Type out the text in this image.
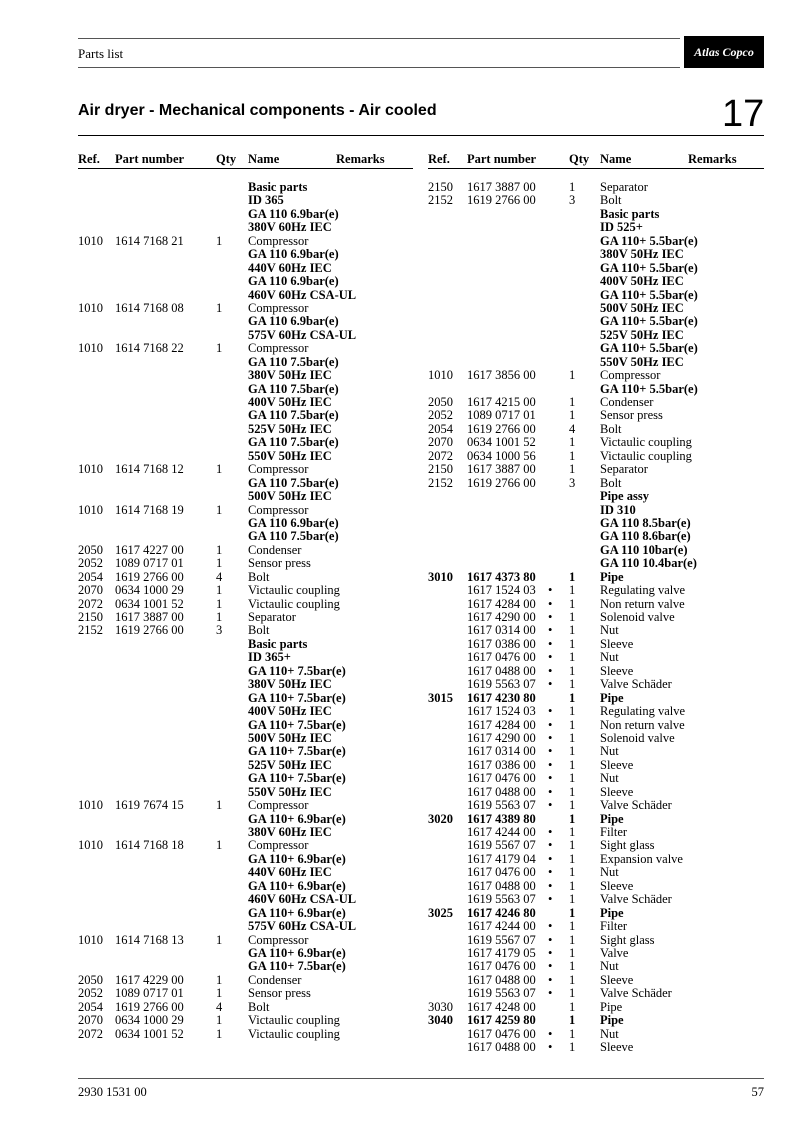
Parts list	Atlas Copco
Air dryer - Mechanical components - Air cooled	17
Ref. Part number	Qty Name	Remarks
Basic parts
ID 365
GA 110 6.9bar(e)
380V 60Hz IEC
1010 1614 7168 21	1 Compressor
GA 110 6.9bar(e)
440V 60Hz IEC
GA 110 6.9bar(e)
460V 60Hz CSA-UL
1010 1614 7168 08	1 Compressor
GA 110 6.9bar(e)
575V 60Hz CSA-UL
1010 1614 7168 22	1 Compressor
GA 110 7.5bar(e)
380V 50Hz IEC
GA 110 7.5bar(e)
400V 50Hz IEC
GA 110 7.5bar(e)
525V 50Hz IEC
GA 110 7.5bar(e)
550V 50Hz IEC
1010 1614 7168 12	1 Compressor
GA 110 7.5bar(e)
500V 50Hz IEC
1010 1614 7168 19	1 Compressor
GA 110 6.9bar(e)
GA 110 7.5bar(e)
2050 1617 4227 00	1 Condenser
2052 1089 0717 01	1 Sensor press
2054 1619 2766 00	4 Bolt
2070 0634 1000 29	1 Victaulic coupling
2072 0634 1001 52	1 Victaulic coupling
2150 1617 3887 00	1 Separator
2152 1619 2766 00	3 Bolt
Basic parts
ID 365+
GA 110+ 7.5bar(e)
380V 50Hz IEC
GA 110+ 7.5bar(e)
400V 50Hz IEC
GA 110+ 7.5bar(e)
500V 50Hz IEC
GA 110+ 7.5bar(e)
525V 50Hz IEC
GA 110+ 7.5bar(e)
550V 50Hz IEC
1010 1619 7674 15	1 Compressor
GA 110+ 6.9bar(e)
380V 60Hz IEC
1010 1614 7168 18	1 Compressor
GA 110+ 6.9bar(e)
440V 60Hz IEC
GA 110+ 6.9bar(e)
460V 60Hz CSA-UL
GA 110+ 6.9bar(e)
575V 60Hz CSA-UL
1010 1614 7168 13	1 Compressor
GA 110+ 6.9bar(e)
GA 110+ 7.5bar(e)
2050 1617 4229 00	1 Condenser
2052 1089 0717 01	1 Sensor press
2054 1619 2766 00	4 Bolt
2070 0634 1000 29	1 Victaulic coupling
2072 0634 1001 52	1 Victaulic coupling
Ref. Part number	Qty Name	Remarks
2150 1617 3887 00	1 Separator
2152 1619 2766 00	3 Bolt
Basic parts
ID 525+
GA 110+ 5.5bar(e)
380V 50Hz IEC
GA 110+ 5.5bar(e)
400V 50Hz IEC
GA 110+ 5.5bar(e)
500V 50Hz IEC
GA 110+ 5.5bar(e)
525V 50Hz IEC
GA 110+ 5.5bar(e)
550V 50Hz IEC
1010 1617 3856 00	1 Compressor
GA 110+ 5.5bar(e)
2050 1617 4215 00	1 Condenser
2052 1089 0717 01	1 Sensor press
2054 1619 2766 00	4 Bolt
2070 0634 1001 52	1 Victaulic coupling
2072 0634 1000 56	1 Victaulic coupling
2150 1617 3887 00	1 Separator
2152 1619 2766 00	3 Bolt
Pipe assy
ID 310
GA 110 8.5bar(e)
GA 110 8.6bar(e)
GA 110 10bar(e)
GA 110 10.4bar(e)
3010 1617 4373 80	1 Pipe
1617 1524 03 • 1 Regulating valve
1617 4284 00 • 1 Non return valve
1617 4290 00 • 1 Solenoid valve
1617 0314 00 • 1 Nut
1617 0386 00 • 1 Sleeve
1617 0476 00 • 1 Nut
1617 0488 00 • 1 Sleeve
1619 5563 07 • 1 Valve Schäder
3015 1617 4230 80	1 Pipe
1617 1524 03 • 1 Regulating valve
1617 4284 00 • 1 Non return valve
1617 4290 00 • 1 Solenoid valve
1617 0314 00 • 1 Nut
1617 0386 00 • 1 Sleeve
1617 0476 00 • 1 Nut
1617 0488 00 • 1 Sleeve
1619 5563 07 • 1 Valve Schäder
3020 1617 4389 80	1 Pipe
1617 4244 00 • 1 Filter
1619 5567 07 • 1 Sight glass
1617 4179 04 • 1 Expansion valve
1617 0476 00 • 1 Nut
1617 0488 00 • 1 Sleeve
1619 5563 07 • 1 Valve Schäder
3025 1617 4246 80	1 Pipe
1617 4244 00 • 1 Filter
1619 5567 07 • 1 Sight glass
1617 4179 05 • 1 Valve
1617 0476 00 • 1 Nut
1617 0488 00 • 1 Sleeve
1619 5563 07 • 1 Valve Schäder
3030 1617 4248 00	1 Pipe
3040 1617 4259 80	1 Pipe
1617 0476 00 • 1 Nut
1617 0488 00 • 1 Sleeve
2930 1531 00	57
